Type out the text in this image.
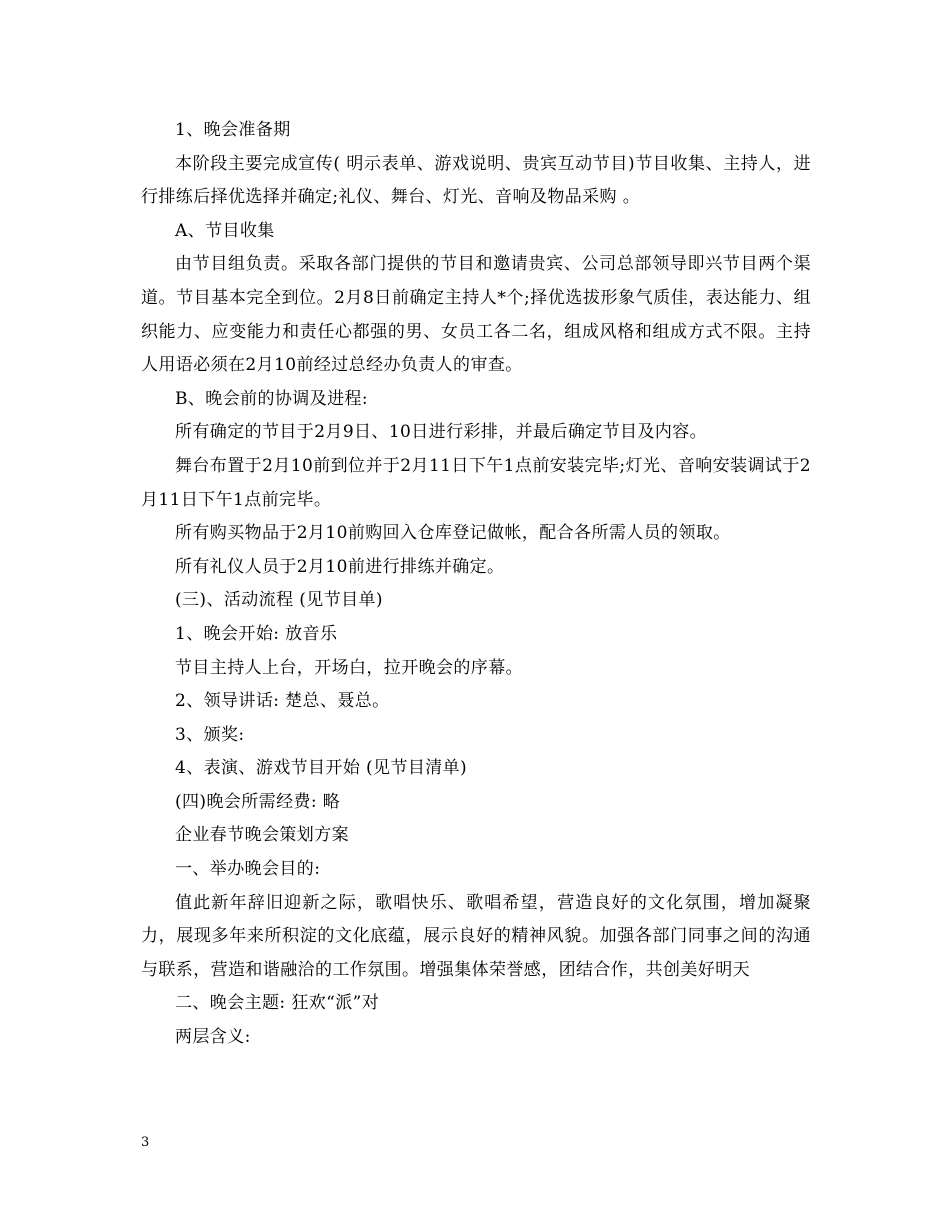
1、晚会准备期

本阶段主要完成宣传( 明示表单、游戏说明、贵宾互动节目)节目收集、主持人，进行排练后择优选择并确定;礼仪、舞台、灯光、音响及物品采购 。

A、节目收集

由节目组负责。采取各部门提供的节目和邀请贵宾、公司总部领导即兴节目两个渠道。节目基本完全到位。2月8日前确定主持人*个;择优选拔形象气质佳，表达能力、组织能力、应变能力和责任心都强的男、女员工各二名，组成风格和组成方式不限。主持人用语必须在2月10前经过总经办负责人的审查。

B、晚会前的协调及进程:

所有确定的节目于2月9日、10日进行彩排，并最后确定节目及内容。

舞台布置于2月10前到位并于2月11日下午1点前安装完毕;灯光、音响安装调试于2月11日下午1点前完毕。

所有购买物品于2月10前购回入仓库登记做帐，配合各所需人员的领取。

所有礼仪人员于2月10前进行排练并确定。

(三)、活动流程 (见节目单)

1、晚会开始: 放音乐

节目主持人上台，开场白，拉开晚会的序幕。

2、领导讲话: 楚总、聂总。

3、颁奖:

4、表演、游戏节目开始 (见节目清单)

(四)晚会所需经费: 略

企业春节晚会策划方案

一、举办晚会目的:

值此新年辞旧迎新之际，歌唱快乐、歌唱希望，营造良好的文化氛围，增加凝聚力，展现多年来所积淀的文化底蕴，展示良好的精神风貌。加强各部门同事之间的沟通与联系，营造和谐融洽的工作氛围。增强集体荣誉感，团结合作，共创美好明天

二、晚会主题: 狂欢“派”对

两层含义:

3
